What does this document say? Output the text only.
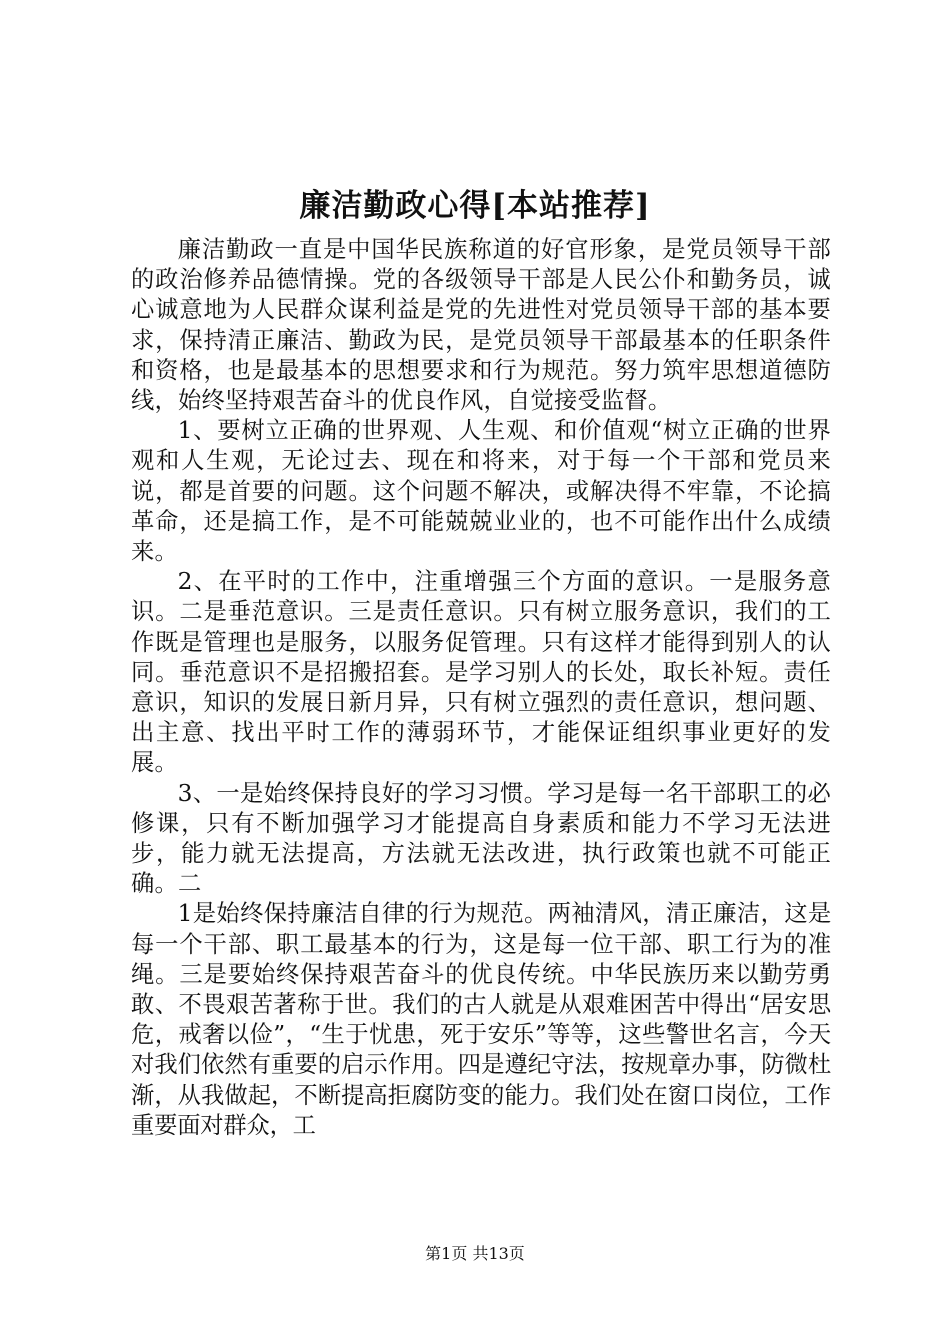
廉洁勤政心得[本站推荐]

廉洁勤政一直是中国华民族称道的好官形象，是党员领导干部的政治修养品德情操。党的各级领导干部是人民公仆和勤务员，诚心诚意地为人民群众谋利益是党的先进性对党员领导干部的基本要求，保持清正廉洁、勤政为民，是党员领导干部最基本的任职条件和资格，也是最基本的思想要求和行为规范。努力筑牢思想道德防线，始终坚持艰苦奋斗的优良作风，自觉接受监督。

1、要树立正确的世界观、人生观、和价值观“树立正确的世界观和人生观，无论过去、现在和将来，对于每一个干部和党员来说，都是首要的问题。这个问题不解决，或解决得不牢靠，不论搞革命，还是搞工作，是不可能兢兢业业的，也不可能作出什么成绩来。

2、在平时的工作中，注重增强三个方面的意识。一是服务意识。二是垂范意识。三是责任意识。只有树立服务意识，我们的工作既是管理也是服务，以服务促管理。只有这样才能得到别人的认同。垂范意识不是招搬招套。是学习别人的长处，取长补短。责任意识，知识的发展日新月异，只有树立强烈的责任意识，想问题、出主意、找出平时工作的薄弱环节，才能保证组织事业更好的发展。

3、一是始终保持良好的学习习惯。学习是每一名干部职工的必修课，只有不断加强学习才能提高自身素质和能力不学习无法进步，能力就无法提高，方法就无法改进，执行政策也就不可能正确。二

1是始终保持廉洁自律的行为规范。两袖清风，清正廉洁，这是每一个干部、职工最基本的行为，这是每一位干部、职工行为的准绳。三是要始终保持艰苦奋斗的优良传统。中华民族历来以勤劳勇敢、不畏艰苦著称于世。我们的古人就是从艰难困苦中得出“居安思危，戒奢以俭”，“生于忧患，死于安乐”等等，这些警世名言，今天对我们依然有重要的启示作用。四是遵纪守法，按规章办事，防微杜渐，从我做起，不断提高拒腐防变的能力。我们处在窗口岗位，工作重要面对群众，工

第1页 共13页
